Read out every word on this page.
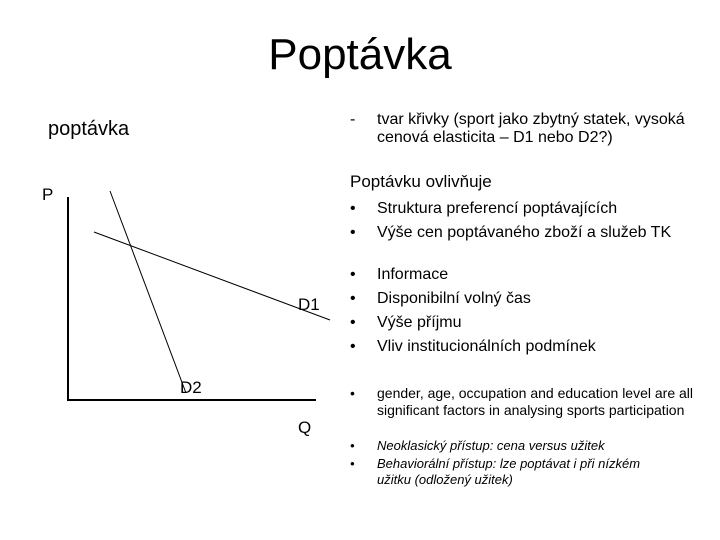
Poptávka
poptávka
P
Q
D1
D2
- tvar křivky (sport jako zbytný statek, vysoká cenová elasticita – D1 nebo D2?)
Poptávku ovlivňuje
• Struktura preferencí poptávajících
• Výše cen poptávaného zboží a služeb TK
• Informace
• Disponibilní volný čas
• Výše příjmu
• Vliv institucionálních podmínek
• gender, age, occupation and education level are all significant factors in analysing sports participation
• Neoklasický přístup: cena versus užitek
• Behaviorální přístup: lze poptávat i při nízkém užitku (odložený užitek)
